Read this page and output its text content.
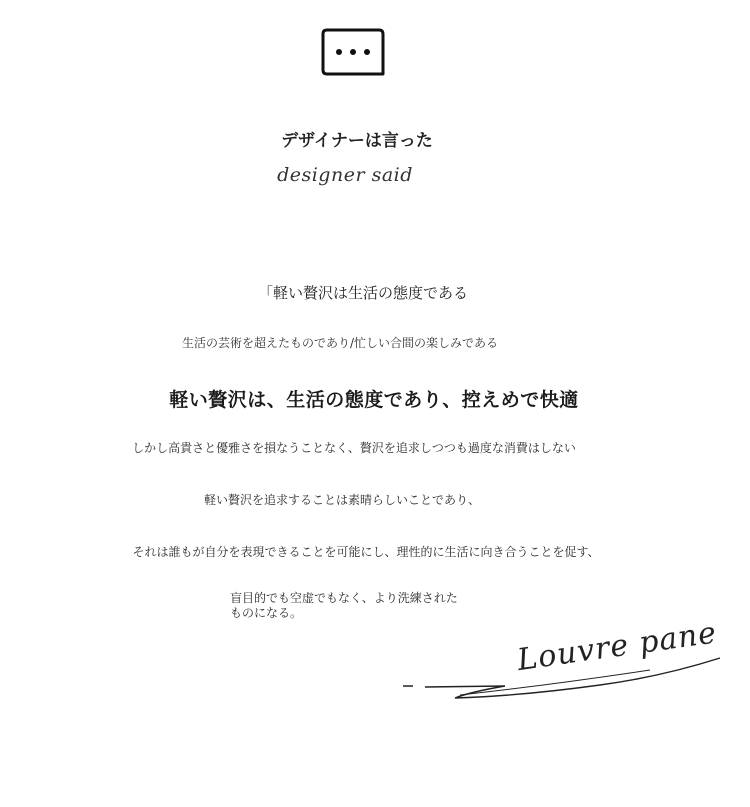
デザイナーは言った
designer said
「軽い贅沢は生活の態度である
生活の芸術を超えたものであり/忙しい合間の楽しみである
軽い贅沢は、生活の態度であり、控えめで快適
しかし高貴さと優雅さを損なうことなく、贅沢を追求しつつも過度な消費はしない
軽い贅沢を追求することは素晴らしいことであり、
それは誰もが自分を表現できることを可能にし、理性的に生活に向き合うことを促す、
盲目的でも空虚でもなく、より洗練された
ものになる。
Louvre pane
